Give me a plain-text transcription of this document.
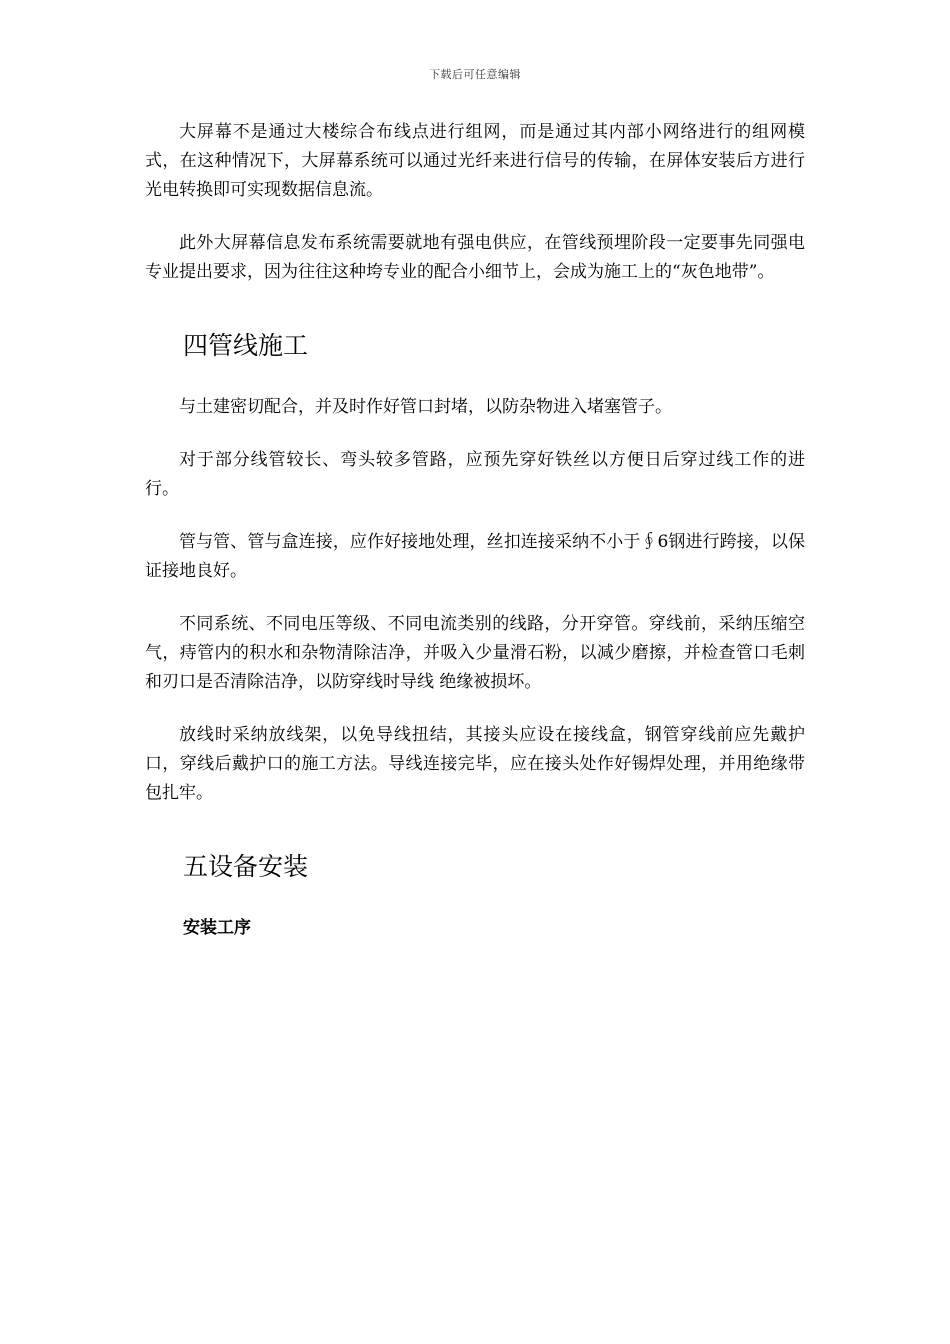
下载后可任意编辑

大屏幕不是通过大楼综合布线点进行组网，而是通过其内部小网络进行的组网模式，在这种情况下，大屏幕系统可以通过光纤来进行信号的传输，在屏体安装后方进行光电转换即可实现数据信息流。

此外大屏幕信息发布系统需要就地有强电供应，在管线预埋阶段一定要事先同强电专业提出要求，因为往往这种垮专业的配合小细节上，会成为施工上的“灰色地带”。

四管线施工

与土建密切配合，并及时作好管口封堵，以防杂物进入堵塞管子。

对于部分线管较长、弯头较多管路，应预先穿好铁丝以方便日后穿过线工作的进行。

管与管、管与盒连接，应作好接地处理，丝扣连接采纳不小于∮6钢进行跨接，以保证接地良好。

不同系统、不同电压等级、不同电流类别的线路，分开穿管。穿线前，采纳压缩空气，痔管内的积水和杂物清除洁净，并吸入少量滑石粉，以减少磨擦，并检查管口毛刺和刃口是否清除洁净，以防穿线时导线 绝缘被损坏。

放线时采纳放线架，以免导线扭结，其接头应设在接线盒，钢管穿线前应先戴护口，穿线后戴护口的施工方法。导线连接完毕，应在接头处作好锡焊处理，并用绝缘带包扎牢。

五设备安装
安装工序
